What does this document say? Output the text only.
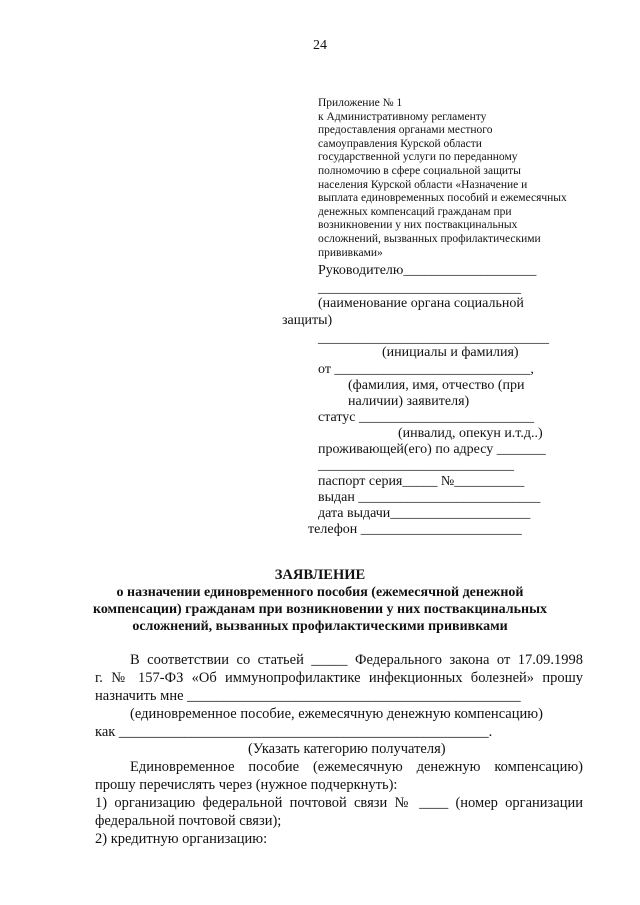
24
Приложение № 1
к Административному регламенту
предоставления органами местного
самоуправления Курской области
государственной услуги по переданному
полномочию в сфере социальной защиты
населения Курской области «Назначение и
выплата единовременных пособий и ежемесячных
денежных компенсаций гражданам при
возникновении у них поствакцинальных
осложнений, вызванных профилактическими
прививками»
Руководителю___________________
_____________________________
(наименование органа социальной
защиты)
_________________________________
(инициалы и фамилия)
от ____________________________,
(фамилия, имя, отчество (при
наличии) заявителя)
статус _________________________
(инвалид, опекун и.т.д..)
проживающей(его) по адресу _______
____________________________
паспорт серия_____ №__________
выдан __________________________
дата выдачи____________________
телефон _______________________
ЗАЯВЛЕНИЕ
о назначении единовременного пособия (ежемесячной денежной
компенсации) гражданам при возникновении у них поствакцинальных
осложнений, вызванных профилактическими прививками
В соответствии со статьей _____ Федерального закона от 17.09.1998
г. № 157-ФЗ «Об иммунопрофилактике инфекционных болезней» прошу
назначить мне ______________________________________________
(единовременное пособие, ежемесячную денежную компенсацию)
как ___________________________________________________.
(Указать категорию получателя)
Единовременное пособие (ежемесячную денежную компенсацию)
прошу перечислять через (нужное подчеркнуть):
1) организацию федеральной почтовой связи № ____ (номер организации
федеральной почтовой связи);
2) кредитную организацию:
